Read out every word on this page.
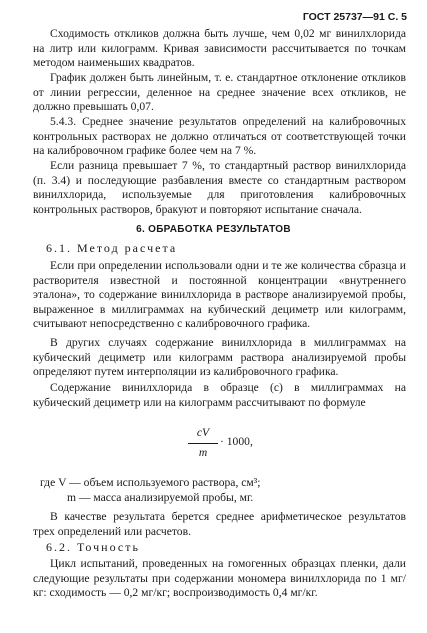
ГОСТ 25737—91 С. 5

Сходимость откликов должна быть лучше, чем 0,02 мг винилхлорида на литр или килограмм. Кривая зависимости рассчитывается по точкам методом наименьших квадратов.

График должен быть линейным, т. е. стандартное отклонение откликов от линии регрессии, деленное на среднее значение всех откликов, не должно превышать 0,07.

5.4.3. Среднее значение результатов определений на калибровочных контрольных растворах не должно отличаться от соответствующей точки на калибровочном графике более чем на 7 %.

Если разница превышает 7 %, то стандартный раствор винилхлорида (п. 3.4) и последующие разбавления вместе со стандартным раствором винилхлорида, используемые для приготовления калибровочных контрольных растворов, бракуют и повторяют испытание сначала.

6. ОБРАБОТКА РЕЗУЛЬТАТОВ

6.1. Метод расчета

Если при определении использовали одни и те же количества сбразца и растворителя известной и постоянной концентрации «внутреннего эталона», то содержание винилхлорида в растворе анализируемой пробы, выраженное в миллиграммах на кубический дециметр или килограмм, считывают непосредственно с калибровочного графика.

В других случаях содержание винилхлорида в миллиграммах на кубический дециметр или килограмм раствора анализируемой пробы определяют путем интерполяции из калибровочного графика.

Содержание винилхлорида в образце (с) в миллиграммах на кубический дециметр или на килограмм рассчитывают по формуле

cV
m
· 1000,

где V — объем используемого раствора, см³;

m — масса анализируемой пробы, мг.

В качестве результата берется среднее арифметическое результатов трех определений или расчетов.

6.2. Точность

Цикл испытаний, проведенных на гомогенных образцах пленки, дали следующие результаты при содержании мономера винилхлорида по 1 мг/кг: сходимость — 0,2 мг/кг; воспроизводимость 0,4 мг/кг.
